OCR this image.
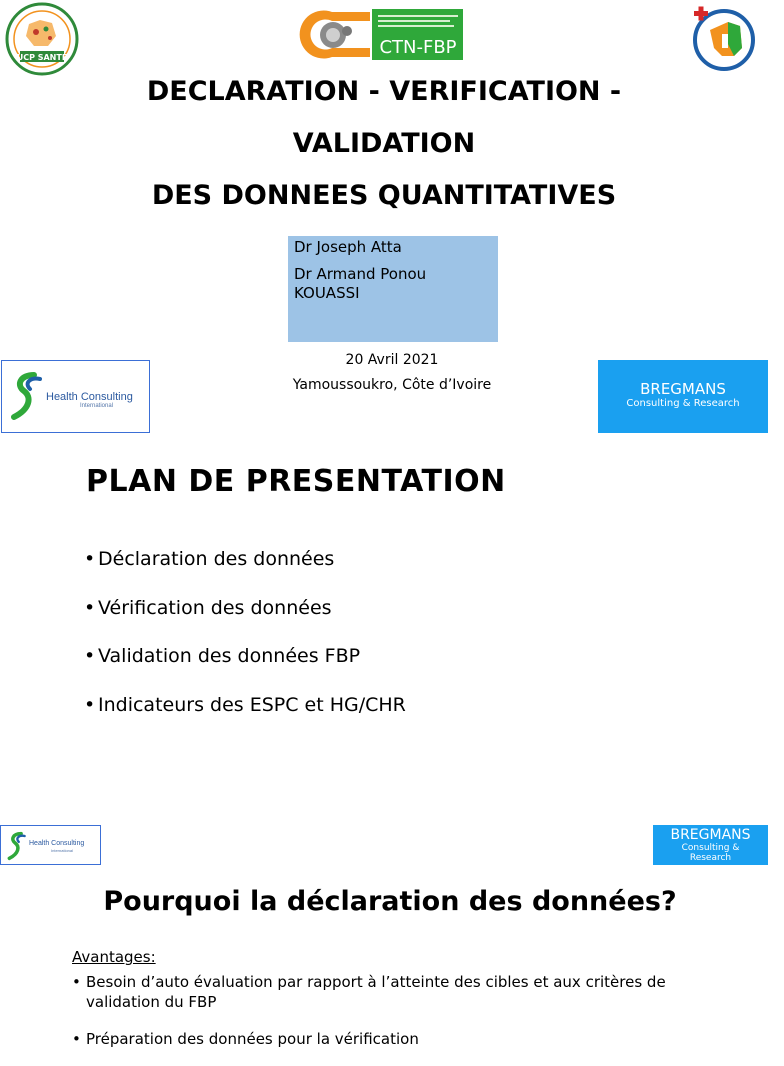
UCP SANTE	CTN-FBP
DECLARATION - VERIFICATION -
VALIDATION
DES DONNEES QUANTITATIVES
Dr Joseph Atta
Dr Armand Ponou KOUASSI
20 Avril 2021
Yamoussoukro, Côte d’Ivoire
Health Consulting
International
BREGMANS
Consulting & Research
PLAN DE PRESENTATION
• Déclaration des données
• Vérification des données
• Validation des données FBP
• Indicateurs des ESPC et HG/CHR
Health Consulting
International
BREGMANS
Consulting & Research
Pourquoi la déclaration des données?
Avantages:
• Besoin d’auto évaluation par rapport à l’atteinte des cibles et aux critères de validation du FBP
• Préparation des données pour la vérification
